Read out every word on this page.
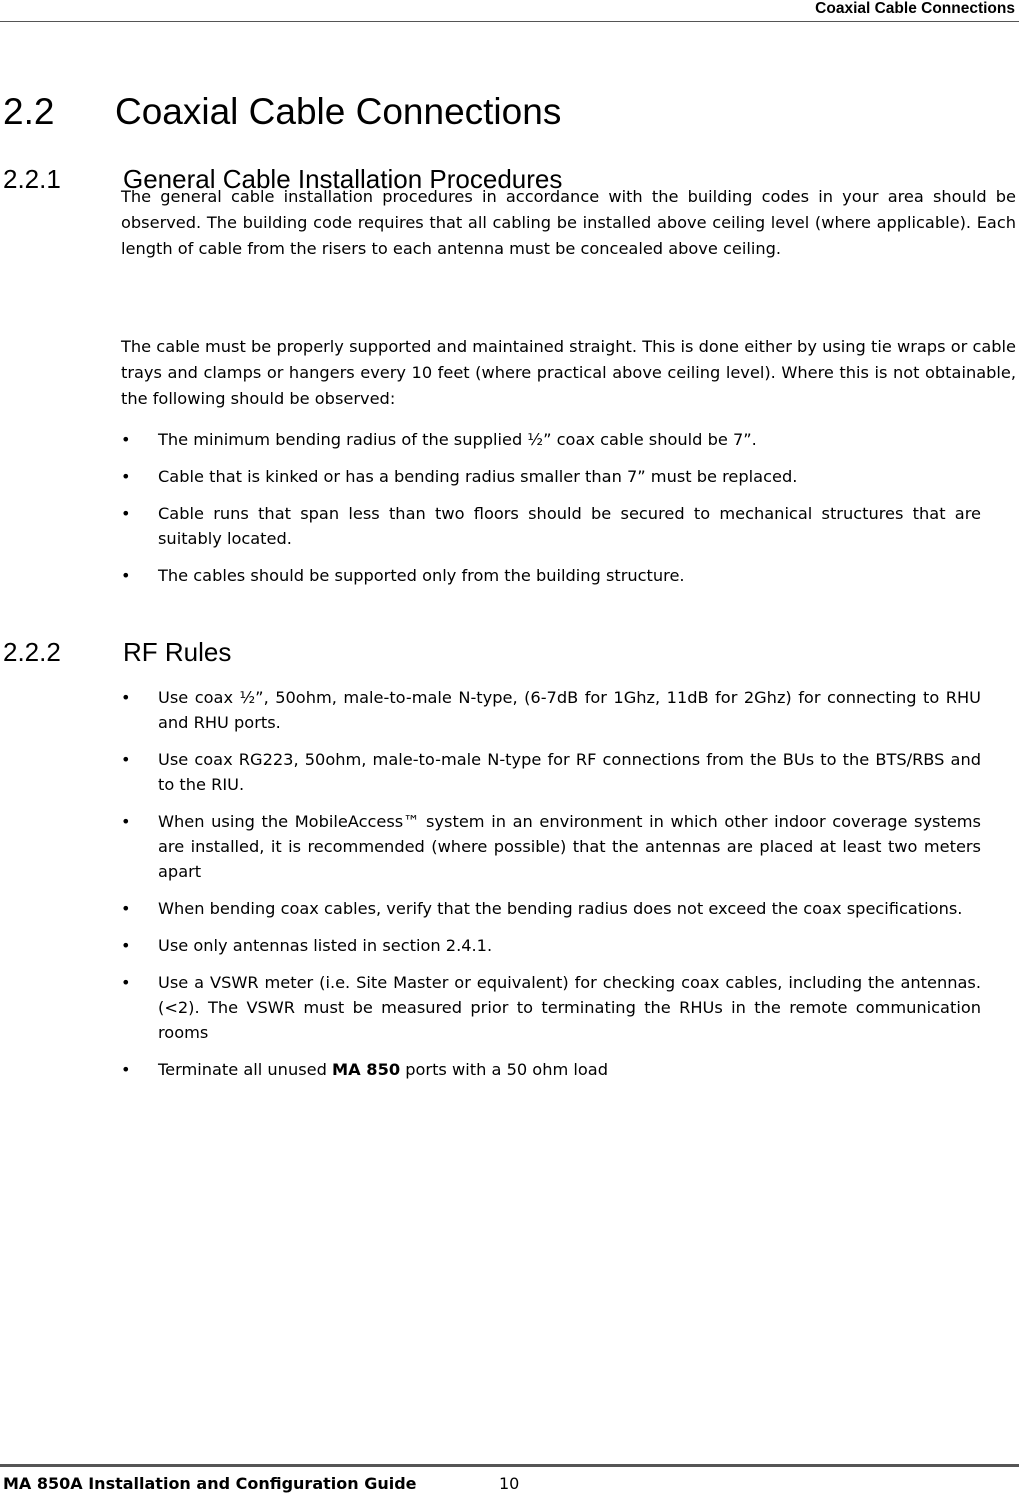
Coaxial Cable Connections
2.2 Coaxial Cable Connections
2.2.1 General Cable Installation Procedures

The general cable installation procedures in accordance with the building codes in your area should be observed. The building code requires that all cabling be installed above ceiling level (where applicable). Each length of cable from the risers to each antenna must be concealed above ceiling.

The cable must be properly supported and maintained straight. This is done either by using tie wraps or cable trays and clamps or hangers every 10 feet (where practical above ceiling level). Where this is not obtainable, the following should be observed:

•	The minimum bending radius of the supplied ½” coax cable should be 7”.
•	Cable that is kinked or has a bending radius smaller than 7” must be replaced.
•	Cable runs that span less than two floors should be secured to mechanical structures that are suitably located.
•	The cables should be supported only from the building structure.
2.2.2 RF Rules
•	Use coax ½”, 50ohm, male-to-male N-type, (6-7dB for 1Ghz, 11dB for 2Ghz) for connecting to RHU and RHU ports.
•	Use coax RG223, 50ohm, male-to-male N-type for RF connections from the BUs to the BTS/RBS and to the RIU.
•	When using the MobileAccess™ system in an environment in which other indoor coverage systems are installed, it is recommended (where possible) that the antennas are placed at least two meters apart
•	When bending coax cables, verify that the bending radius does not exceed the coax specifications.
•	Use only antennas listed in section 2.4.1.
•	Use a VSWR meter (i.e. Site Master or equivalent) for checking coax cables, including the antennas. (<2). The VSWR must be measured prior to terminating the RHUs in the remote communication rooms
•	Terminate all unused MA 850 ports with a 50 ohm load
MA 850A Installation and Configuration Guide	10
